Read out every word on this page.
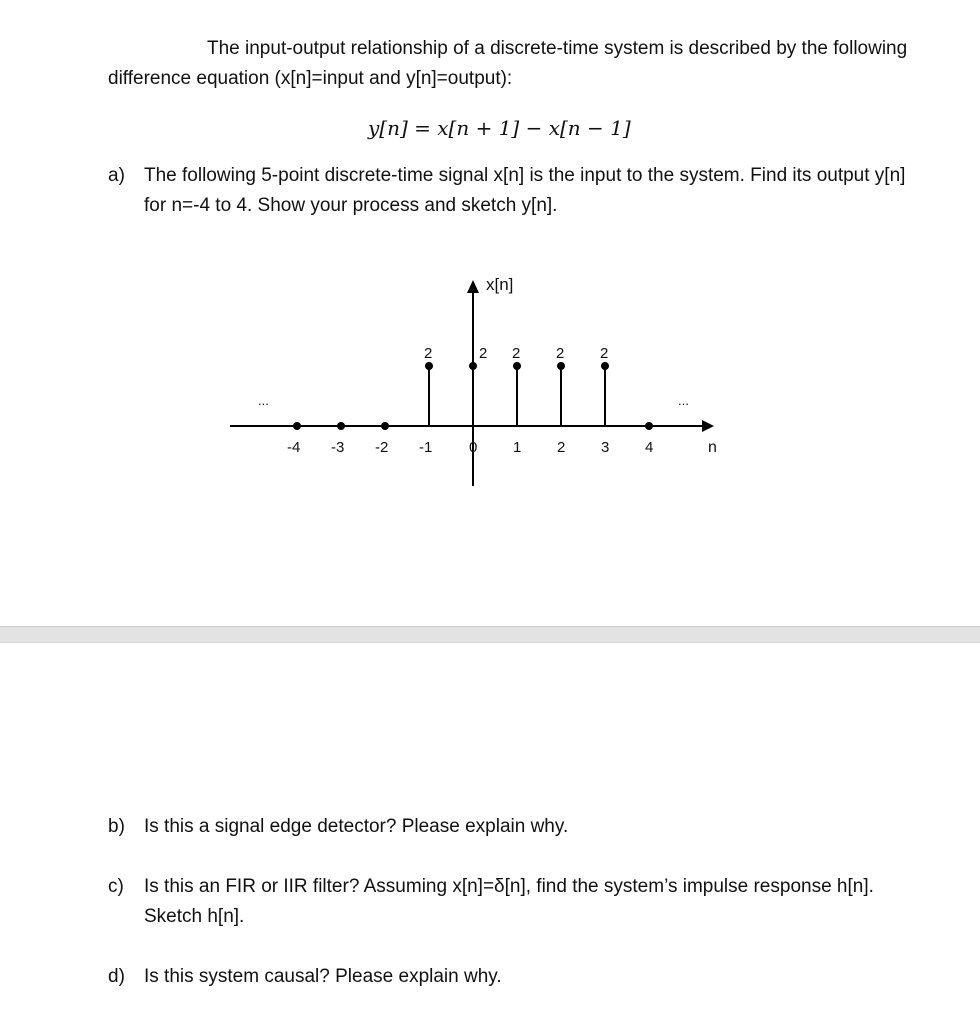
The input-output relationship of a discrete-time system is described by the following
difference equation (x[n]=input and y[n]=output):
y[n] = x[n + 1] − x[n − 1]
a) The following 5-point discrete-time signal x[n] is the input to the system. Find its output y[n]
for n=-4 to 4. Show your process and sketch y[n].
x[n]
n
...	...
-4 -3 -2
2
-1
2
0
2
1
2
2
2
3 4
b) Is this a signal edge detector? Please explain why.
c) Is this an FIR or IIR filter? Assuming x[n]=δ[n], find the system’s impulse response h[n].
Sketch h[n].
d) Is this system causal? Please explain why.
